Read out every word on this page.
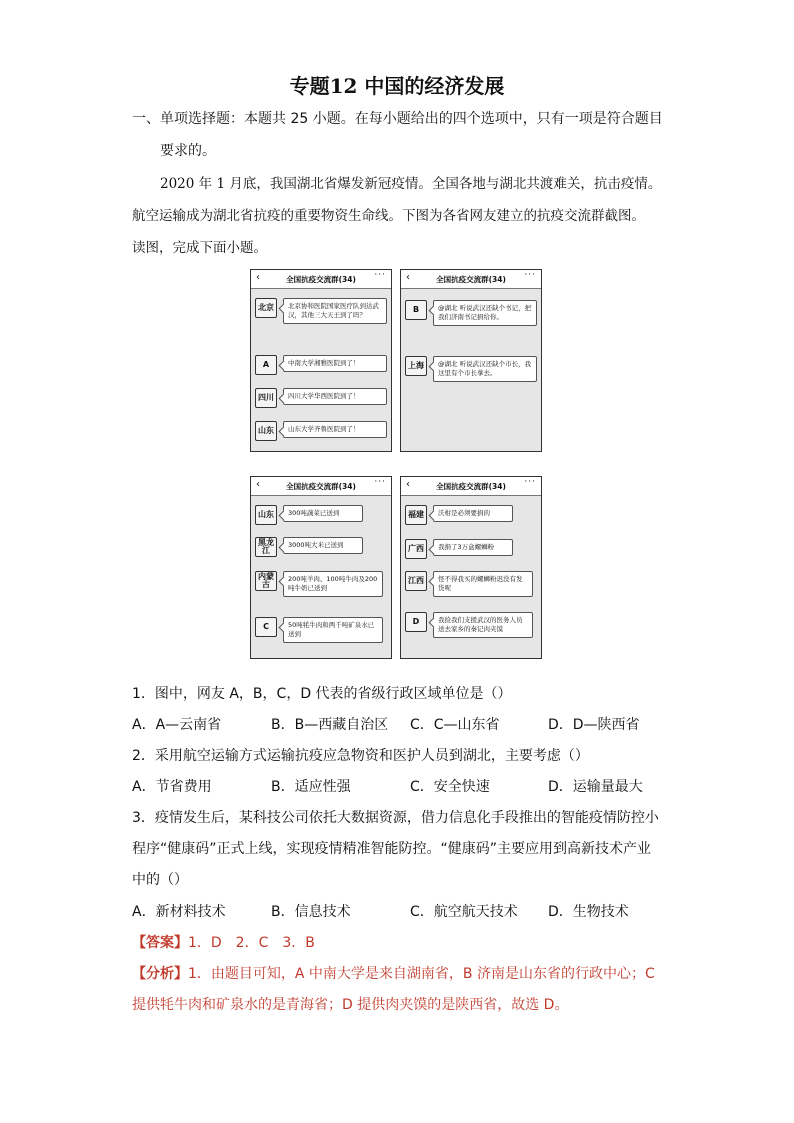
专题12 中国的经济发展
一、单项选择题：本题共 25 小题。在每小题给出的四个选项中，只有一项是符合题目
要求的。
2020 年 1 月底，我国湖北省爆发新冠疫情。全国各地与湖北共渡难关，抗击疫情。
航空运输成为湖北省抗疫的重要物资生命线。下图为各省网友建立的抗疫交流群截图。
读图，完成下面小题。
‹	全国抗疫交流群(34) ···
北京	北京协和医院国家医疗队到达武汉，其他三大天王到了吗？
A	中南大学湘雅医院到了！
四川	四川大学华西医院到了！
山东	山东大学齐鲁医院到了！
‹	全国抗疫交流群(34) ···
B	@湖北 听说武汉还缺个书记，把我们济南书记捐给你。
上海	@湖北 听说武汉还缺个市长，我这里有个市长拿去。
‹	全国抗疫交流群(34) ···
山东	300吨蔬菜已送到
黑龙江
3000吨大米已送到
内蒙古
200吨羊肉、100吨牛肉及200吨牛奶已送到
C	50吨牦牛肉和两千吨矿泉水已送到
‹	全国抗疫交流群(34) ···
福建	沃柑是必须要捐的
广西	我捐了3万盒螺蛳粉
江西	怪不得我买的螺蛳粉迟没有发货呢
D	我捡我们支援武汉的医务人员送去家乡的秦记肉夹馍
1．图中，网友 A，B，C，D 代表的省级行政区域单位是（）
A．A—云南省	B．B—西藏自治区 C．C—山东省	D．D—陕西省
2．采用航空运输方式运输抗疫应急物资和医护人员到湖北，主要考虑（）
A．节省费用	B．适应性强	C．安全快速	D．运输量最大
3．疫情发生后，某科技公司依托大数据资源，借力信息化手段推出的智能疫情防控小
程序“健康码”正式上线，实现疫情精准智能防控。“健康码”主要应用到高新技术产业
中的（）
A．新材料技术	B．信息技术	C．航空航天技术 D．生物技术
【答案】1．D　2．C　3．B
【分析】1．由题目可知，A 中南大学是来自湖南省，B 济南是山东省的行政中心；C
提供牦牛肉和矿泉水的是青海省；D 提供肉夹馍的是陕西省，故选 D。
